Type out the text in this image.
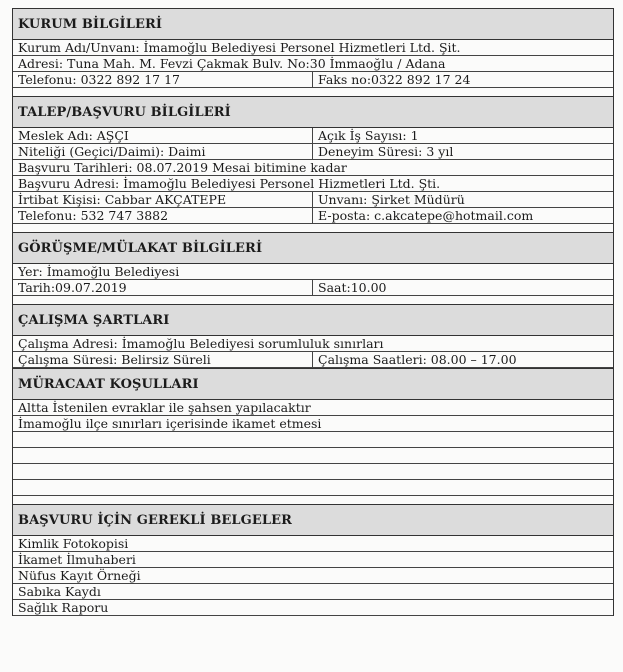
KURUM BİLGİLERİ
Kurum Adı/Unvanı: İmamoğlu Belediyesi Personel Hizmetleri Ltd. Şit.
Adresi: Tuna Mah. M. Fevzi Çakmak Bulv. No:30 İmmaoğlu / Adana
Telefonu: 0322 892 17 17	Faks no:0322 892 17 24
TALEP/BAŞVURU BİLGİLERİ
Meslek Adı: AŞÇI	Açık İş Sayısı: 1
Niteliği (Geçici/Daimi): Daimi	Deneyim Süresi: 3 yıl
Başvuru Tarihleri: 08.07.2019 Mesai bitimine kadar
Başvuru Adresi: İmamoğlu Belediyesi Personel Hizmetleri Ltd. Şti.
İrtibat Kişisi: Cabbar AKÇATEPE	Unvanı: Şirket Müdürü
Telefonu: 532 747 3882	E-posta: c.akcatepe@hotmail.com
GÖRÜŞME/MÜLAKAT BİLGİLERİ
Yer: İmamoğlu Belediyesi
Tarih:09.07.2019	Saat:10.00
ÇALIŞMA ŞARTLARI
Çalışma Adresi: İmamoğlu Belediyesi sorumluluk sınırları
Çalışma Süresi: Belirsiz Süreli	Çalışma Saatleri: 08.00 – 17.00
MÜRACAAT KOŞULLARI
Altta İstenilen evraklar ile şahsen yapılacaktır
İmamoğlu ilçe sınırları içerisinde ikamet etmesi
BAŞVURU İÇİN GEREKLİ BELGELER
Kimlik Fotokopisi
İkamet İlmuhaberi
Nüfus Kayıt Örneği
Sabıka Kaydı
Sağlık Raporu
